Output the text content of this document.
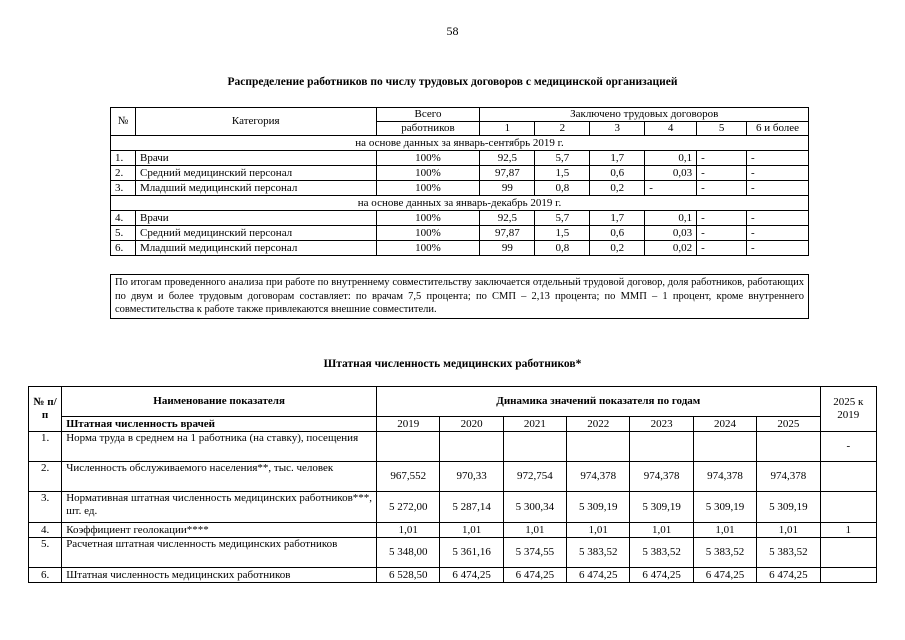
58
Распределение работников по числу трудовых договоров с медицинской организацией
№	Категория	Всего	Заключено трудовых договоров					
		работников	1	2	3	4	5	6 и более
на основе данных за январь-сентябрь 2019 г.								
1.	Врачи	100%	92,5	5,7	1,7	0,1	-	-
2.	Средний медицинский персонал	100%	97,87	1,5	0,6	0,03	-	-
3.	Младший медицинский персонал	100%	99	0,8	0,2	-	-	-
на основе данных за январь-декабрь 2019 г.								
4.	Врачи	100%	92,5	5,7	1,7	0,1	-	-
5.	Средний медицинский персонал	100%	97,87	1,5	0,6	0,03	-	-
6.	Младший медицинский персонал	100%	99	0,8	0,2	0,02	-	-
По итогам проведенного анализа при работе по внутреннему совместительству заключается отдельный трудовой договор, доля работников, работающих по двум и более трудовым договорам составляет: по врачам 7,5 процента; по СМП – 2,13 процента; по ММП – 1 процент, кроме внутреннего совместительства к работе также привлекаются внешние совместители.
Штатная численность медицинских работников*
№ п/п	Наименование показателя	Динамика значений показателя по годам							2025 к 2019
	Штатная численность врачей	2019	2020	2021	2022	2023	2024	2025	
1.	Норма труда в среднем на 1 работника (на ставку), посещения								-
2.	Численность обслуживаемого населения**, тыс. человек	967,552	970,33	972,754	974,378	974,378	974,378	974,378	
3.	Нормативная штатная численность медицинских работников***, шт. ед.	5 272,00	5 287,14	5 300,34	5 309,19	5 309,19	5 309,19	5 309,19	
4.	Коэффициент геолокации****	1,01	1,01	1,01	1,01	1,01	1,01	1,01	1
5.	Расчетная штатная численность медицинских работников	5 348,00	5 361,16	5 374,55	5 383,52	5 383,52	5 383,52	5 383,52	
6.	Штатная численность медицинских работников	6 528,50	6 474,25	6 474,25	6 474,25	6 474,25	6 474,25	6 474,25	
